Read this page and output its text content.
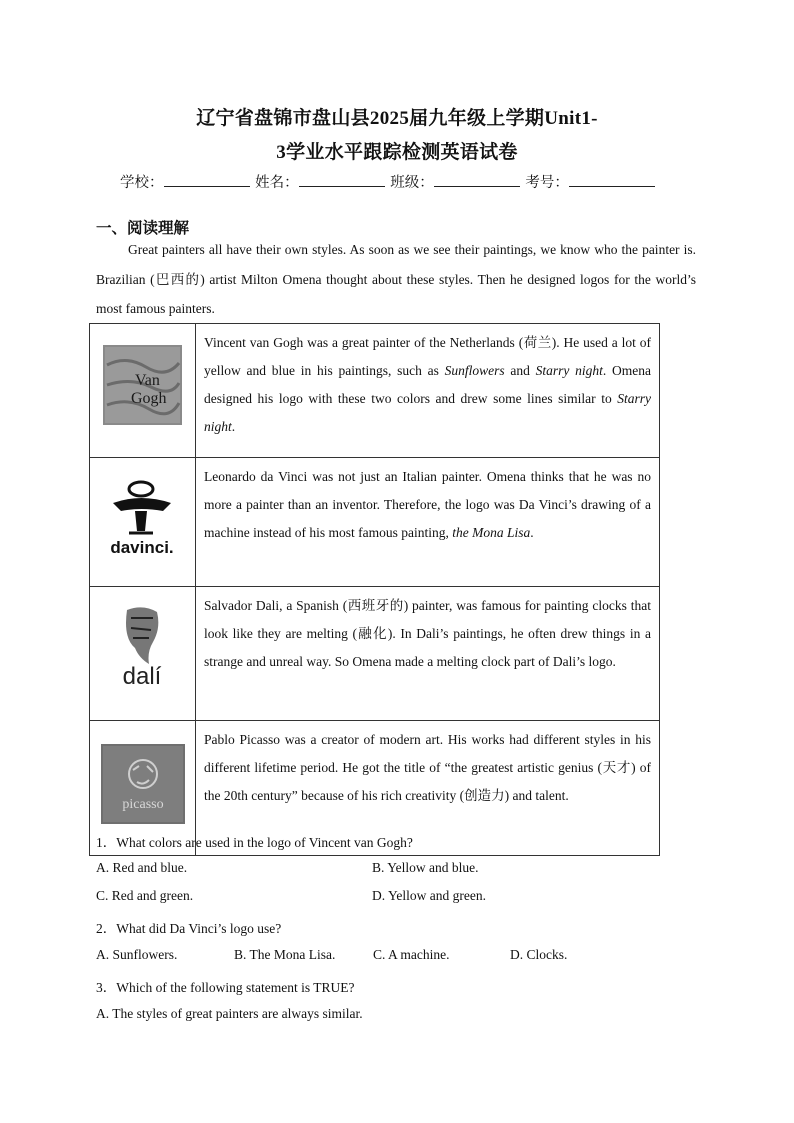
辽宁省盘锦市盘山县2025届九年级上学期Unit1-
3学业水平跟踪检测英语试卷
学校：	姓名：	班级：	考号：
一、阅读理解

Great painters all have their own styles. As soon as we see their paintings, we know who the painter is. Brazilian (巴西的) artist Milton Omena thought about these styles. Then he designed logos for the world’s most famous painters.

Van
Gogh	Vincent van Gogh was a great painter of the Netherlands (荷兰). He used a lot of yellow and blue in his paintings, such as Sunflowers and Starry night. Omena designed his logo with these two colors and drew some lines similar to Starry night.

davinci.	Leonardo da Vinci was not just an Italian painter. Omena thinks that he was no more a painter than an inventor. Therefore, the logo was Da Vinci’s drawing of a machine instead of his most famous painting, the Mona Lisa.

dalí	Salvador Dali, a Spanish (西班牙的) painter, was famous for painting clocks that look like they are melting (融化). In Dali’s paintings, he often drew things in a strange and unreal way. So Omena made a melting clock part of Dali’s logo.

picasso	Pablo Picasso was a creator of modern art. His works had different styles in his different lifetime period. He got the title of “the greatest artistic genius (天才) of the 20th century” because of his rich creativity (创造力) and talent.
1．What colors are used in the logo of Vincent van Gogh?
A. Red and blue.	B. Yellow and blue.
C. Red and green.	D. Yellow and green.
2．What did Da Vinci’s logo use?
A. Sunflowers.	B. The Mona Lisa.	C. A machine.	D. Clocks.
3．Which of the following statement is TRUE?
A. The styles of great painters are always similar.
